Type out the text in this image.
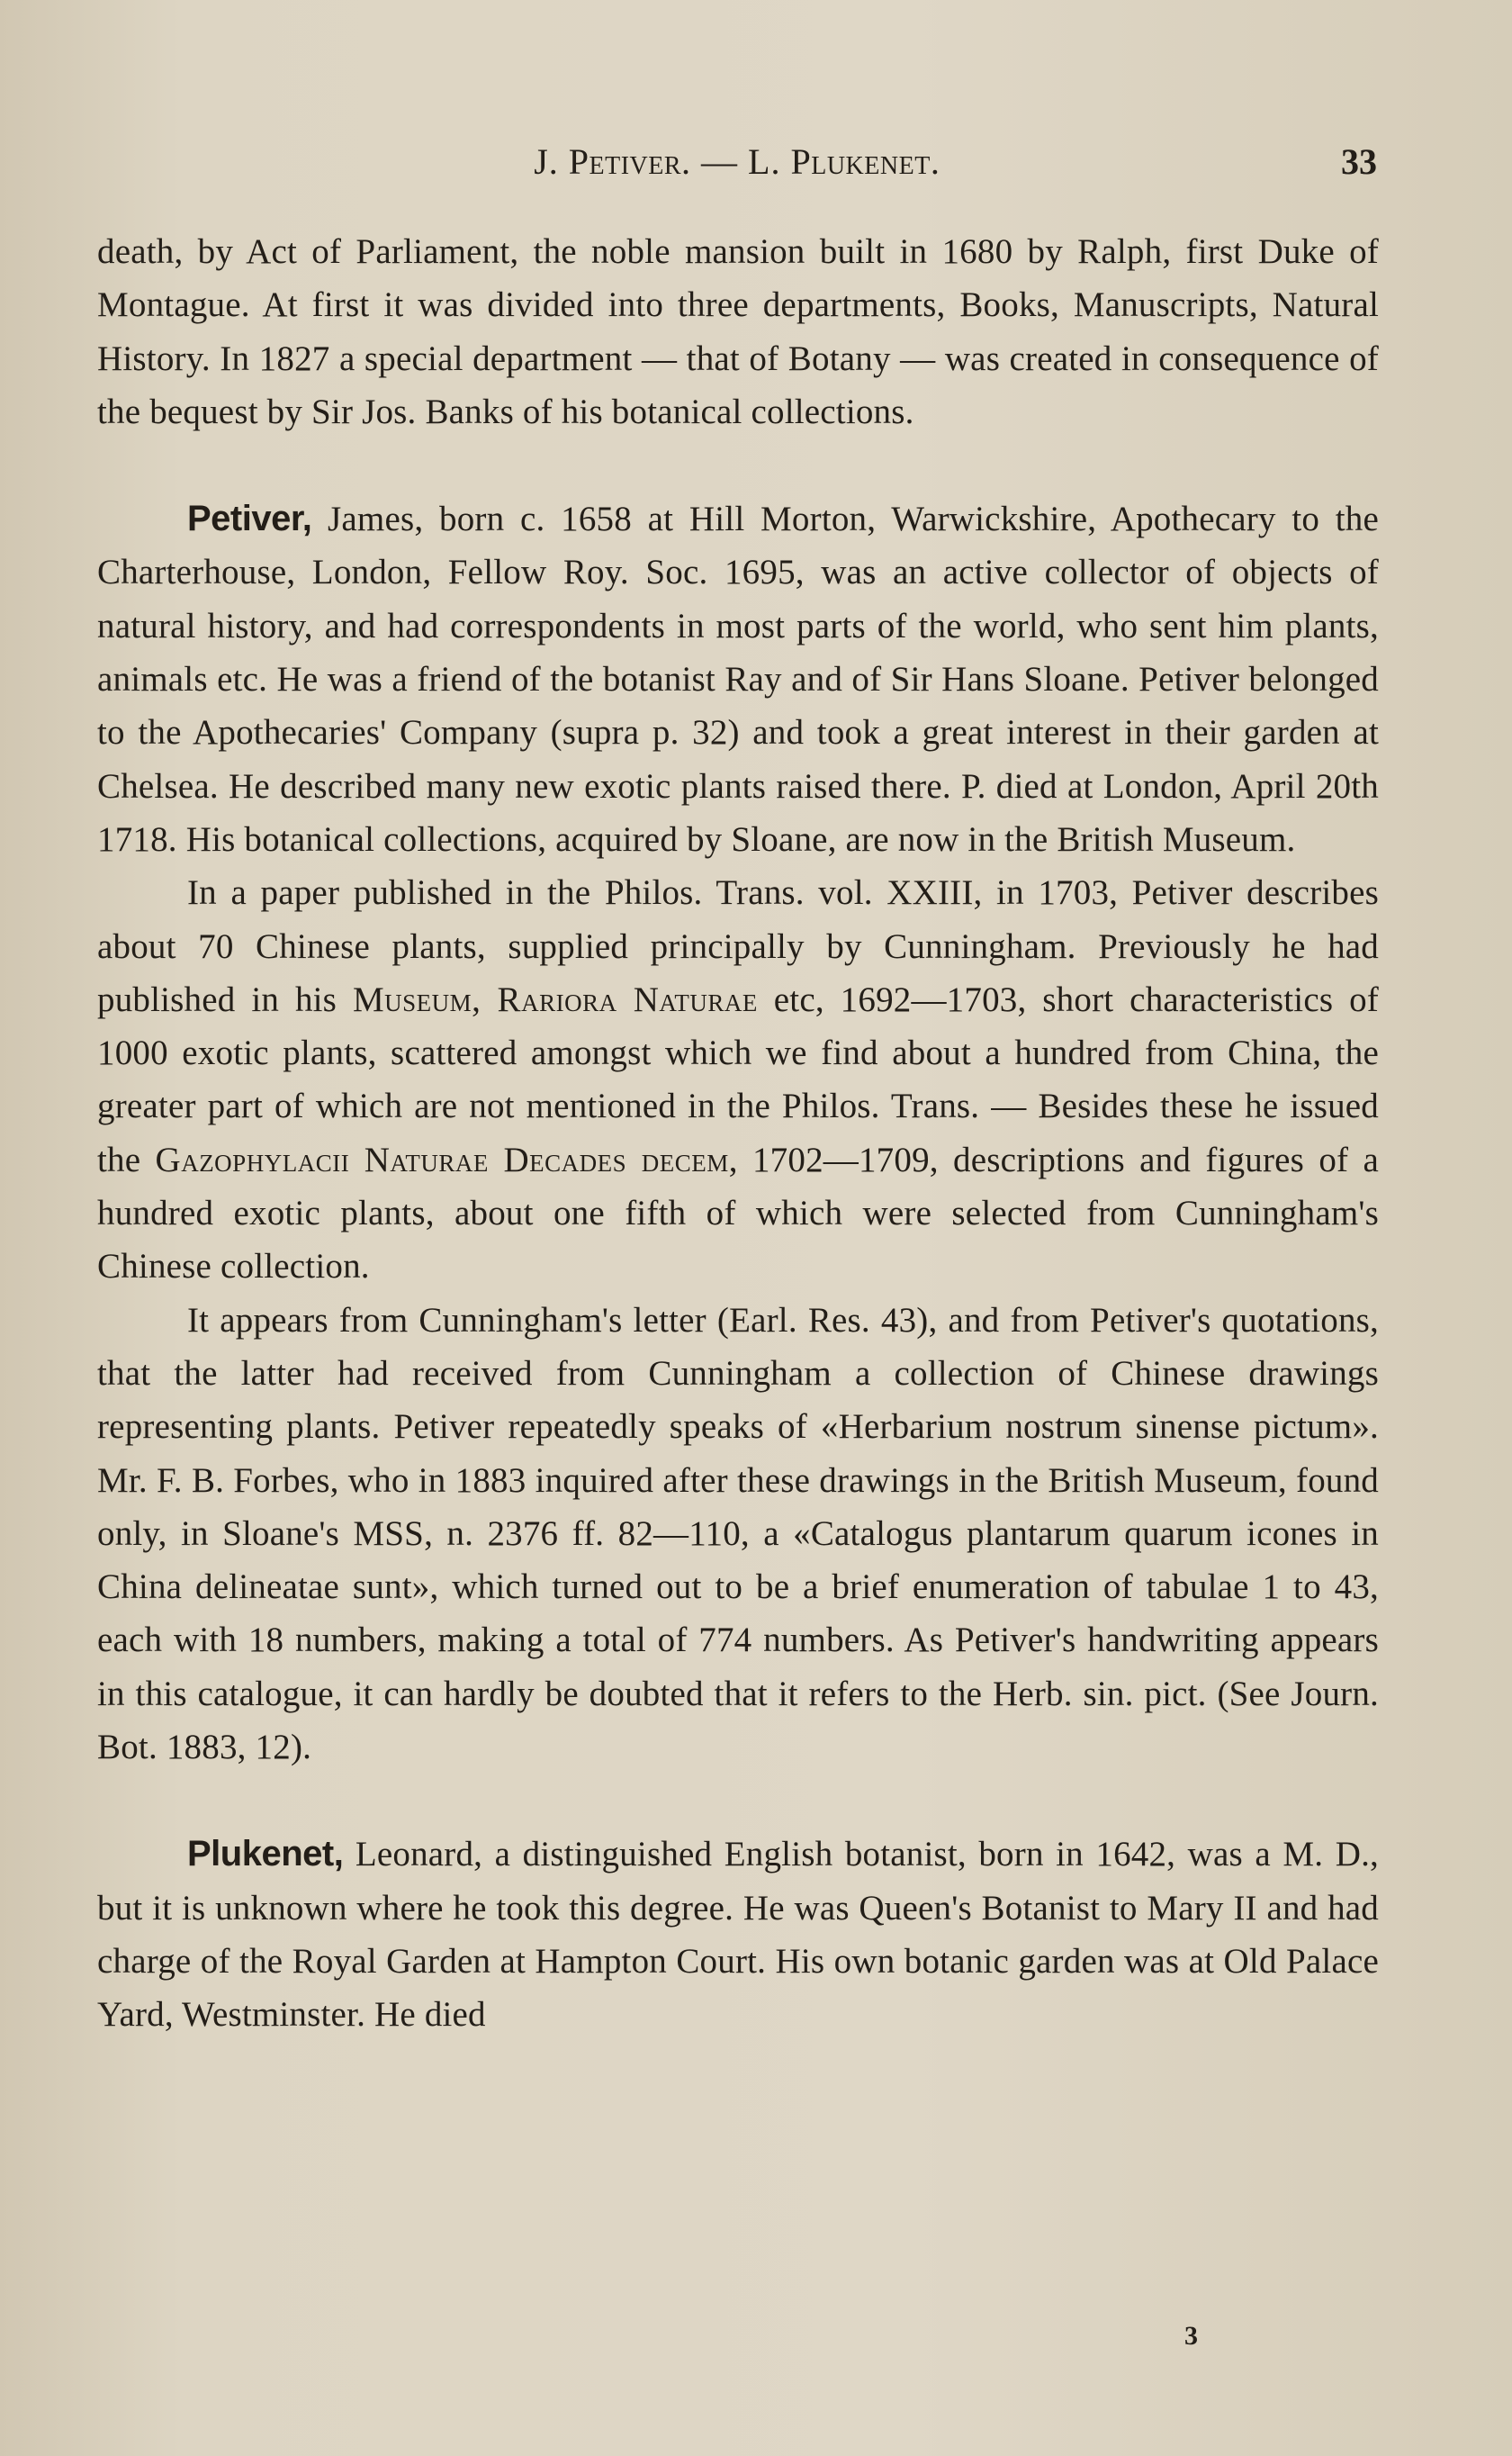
J. Petiver. — L. Plukenet.	33

death, by Act of Parliament, the noble mansion built in 1680 by Ralph, first Duke of Montague. At first it was divided into three departments, Books, Manuscripts, Natural History. In 1827 a special department — that of Botany — was created in consequence of the bequest by Sir Jos. Banks of his botanical collections.

Petiver, James, born c. 1658 at Hill Morton, Warwickshire, Apothecary to the Charterhouse, London, Fellow Roy. Soc. 1695, was an active collector of objects of natural history, and had correspondents in most parts of the world, who sent him plants, animals etc. He was a friend of the botanist Ray and of Sir Hans Sloane. Petiver belonged to the Apothecaries' Company (supra p. 32) and took a great interest in their garden at Chelsea. He described many new exotic plants raised there. P. died at London, April 20th 1718. His botanical collections, acquired by Sloane, are now in the British Museum.

In a paper published in the Philos. Trans. vol. XXIII, in 1703, Petiver describes about 70 Chinese plants, supplied principally by Cunningham. Previously he had published in his Museum, Rariora Naturae etc, 1692—1703, short characteristics of 1000 exotic plants, scattered amongst which we find about a hundred from China, the greater part of which are not mentioned in the Philos. Trans. — Besides these he issued the Gazophylacii Naturae Decades decem, 1702—1709, descriptions and figures of a hundred exotic plants, about one fifth of which were selected from Cunningham's Chinese collection.

It appears from Cunningham's letter (Earl. Res. 43), and from Petiver's quotations, that the latter had received from Cunningham a collection of Chinese drawings representing plants. Petiver repeatedly speaks of «Herbarium nostrum sinense pictum». Mr. F. B. Forbes, who in 1883 inquired after these drawings in the British Museum, found only, in Sloane's MSS, n. 2376 ff. 82—110, a «Catalogus plantarum quarum icones in China delineatae sunt», which turned out to be a brief enumeration of tabulae 1 to 43, each with 18 numbers, making a total of 774 numbers. As Petiver's handwriting appears in this catalogue, it can hardly be doubted that it refers to the Herb. sin. pict. (See Journ. Bot. 1883, 12).

Plukenet, Leonard, a distinguished English botanist, born in 1642, was a M. D., but it is unknown where he took this degree. He was Queen's Botanist to Mary II and had charge of the Royal Garden at Hampton Court. His own botanic garden was at Old Palace Yard, Westminster. He died

3
